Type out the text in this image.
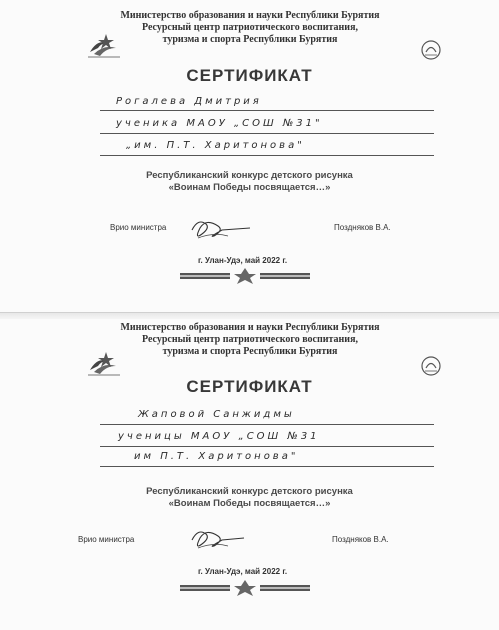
Министерство образования и науки Республики Бурятия
Ресурсный центр патриотического воспитания,
туризма и спорта Республики Бурятия
СЕРТИФИКАТ
Рогалева Дмитрия
ученика МАОУ „СОШ №31"
„им. П.Т. Харитонова"
Республиканский конкурс детского рисунка
«Воинам Победы посвящается…»
Врио министра	Поздняков В.А.
г. Улан-Удэ, май 2022 г.
Министерство образования и науки Республики Бурятия
Ресурсный центр патриотического воспитания,
туризма и спорта Республики Бурятия
СЕРТИФИКАТ
Жаповой Санжидмы
ученицы МАОУ „СОШ №31
им П.Т. Харитонова"
Республиканский конкурс детского рисунка
«Воинам Победы посвящается…»
Врио министра	Поздняков В.А.
г. Улан-Удэ, май 2022 г.
